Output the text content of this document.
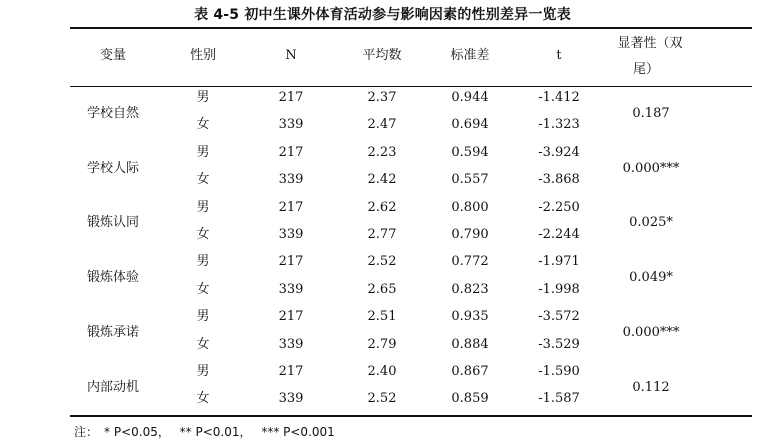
表 4-5 初中生课外体育活动参与影响因素的性别差异一览表
变量	性别	N	平均数	标准差	t
显著性（双
尾）
学校自然	0.187
男	217	2.37	0.944	-1.412
女	339	2.47	0.694	-1.323
学校人际	0.000***
男	217	2.23	0.594	-3.924
女	339	2.42	0.557	-3.868
锻炼认同	0.025*
男	217	2.62	0.800	-2.250
女	339	2.77	0.790	-2.244
锻炼体验	0.049*
男	217	2.52	0.772	-1.971
女	339	2.65	0.823	-1.998
锻炼承诺	0.000***
男	217	2.51	0.935	-3.572
女	339	2.79	0.884	-3.529
内部动机	0.112
男	217	2.40	0.867	-1.590
女	339	2.52	0.859	-1.587
注： * P<0.05， ** P<0.01， *** P<0.001
